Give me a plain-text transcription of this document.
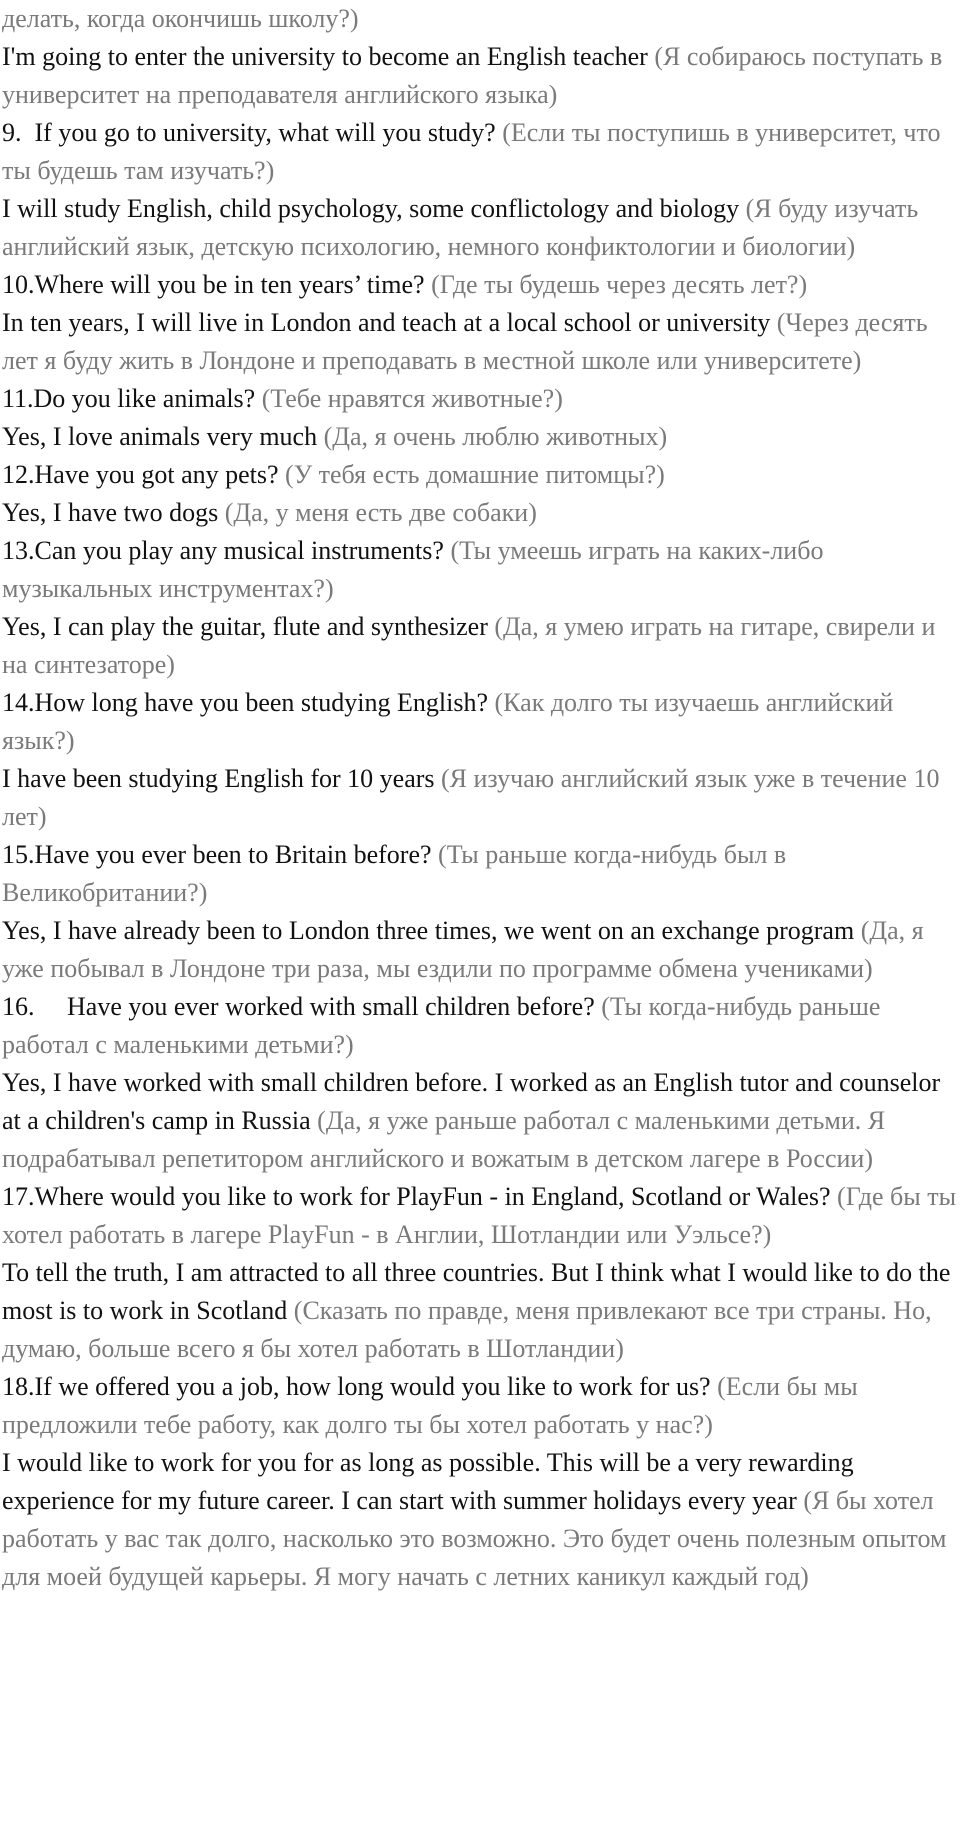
делать, когда окончишь школу?)

I'm going to enter the university to become an English teacher (Я собираюсь поступать в университет на преподавателя английского языка)

9.  If you go to university, what will you study? (Если ты поступишь в университет, что ты будешь там изучать?)

I will study English, child psychology, some conflictology and biology (Я буду изучать английский язык, детскую психологию, немного конфиктологии и биологии)

10.Where will you be in ten years’ time? (Где ты будешь через десять лет?)

In ten years, I will live in London and teach at a local school or university (Через десять лет я буду жить в Лондоне и преподавать в местной школе или университете)

11.Do you like animals? (Тебе нравятся животные?)

Yes, I love animals very much (Да, я очень люблю животных)

12.Have you got any pets? (У тебя есть домашние питомцы?)

Yes, I have two dogs (Да, у меня есть две собаки)

13.Can you play any musical instruments? (Ты умеешь играть на каких-либо музыкальных инструментах?)

Yes, I can play the guitar, flute and synthesizer (Да, я умею играть на гитаре, свирели и на синтезаторе)

14.How long have you been studying English? (Как долго ты изучаешь английский язык?)

I have been studying English for 10 years (Я изучаю английский язык уже в течение 10 лет)

15.Have you ever been to Britain before? (Ты раньше когда-нибудь был в Великобритании?)

Yes, I have already been to London three times, we went on an exchange program (Да, я уже побывал в Лондоне три раза, мы ездили по программе обмена учениками)

16.     Have you ever worked with small children before? (Ты когда-нибудь раньше работал с маленькими детьми?)

Yes, I have worked with small children before. I worked as an English tutor and counselor at a children's camp in Russia (Да, я уже раньше работал с маленькими детьми. Я подрабатывал репетитором английского и вожатым в детском лагере в России)

17.Where would you like to work for PlayFun - in England, Scotland or Wales? (Где бы ты хотел работать в лагере PlayFun - в Англии, Шотландии или Уэльсе?)

To tell the truth, I am attracted to all three countries. But I think what I would like to do the most is to work in Scotland (Сказать по правде, меня привлекают все три страны. Но, думаю, больше всего я бы хотел работать в Шотландии)

18.If we offered you a job, how long would you like to work for us? (Если бы мы предложили тебе работу, как долго ты бы хотел работать у нас?)

I would like to work for you for as long as possible. This will be a very rewarding experience for my future career. I can start with summer holidays every year (Я бы хотел работать у вас так долго, насколько это возможно. Это будет очень полезным опытом для моей будущей карьеры. Я могу начать с летних каникул каждый год)
